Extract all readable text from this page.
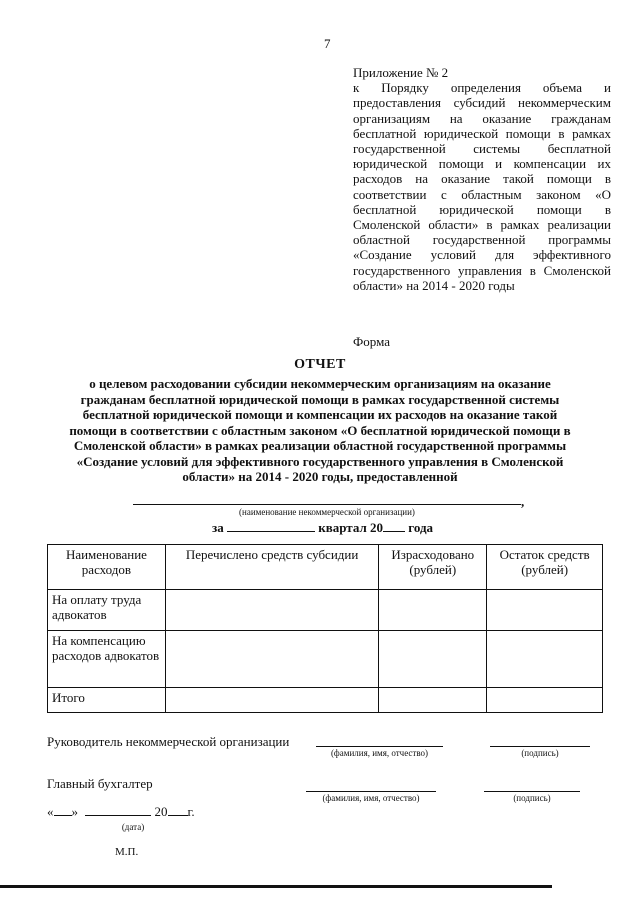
7
Приложение № 2
к Порядку определения объема и предоставления субсидий некоммерческим организациям на оказание гражданам бесплатной юридической помощи в рамках государственной системы бесплатной юридической помощи и компенсации их расходов на оказание такой помощи в соответствии с областным законом «О бесплатной юридической помощи в Смоленской области» в рамках реализации областной государственной программы «Создание условий для эффективного государственного управления в Смоленской области» на 2014 - 2020 годы
Форма
ОТЧЕТ
о целевом расходовании субсидии некоммерческим организациям на оказание гражданам бесплатной юридической помощи в рамках государственной системы бесплатной юридической помощи и компенсации их расходов на оказание такой помощи в соответствии с областным законом «О бесплатной юридической помощи в Смоленской области» в рамках реализации областной государственной программы «Создание условий для эффективного государственного управления в Смоленской области» на 2014 - 2020 годы, предоставленной
,
(наименование некоммерческой организации)
за	квартал 20 года
Наименование расходов	Перечислено средств субсидии	Израсходовано (рублей)	Остаток средств (рублей)
На оплату труда адвокатов			
На компенсацию расходов адвокатов			
Итого			
Руководитель некоммерческой организации
(фамилия, имя, отчество)	(подпись)
Главный бухгалтер
(фамилия, имя, отчество)	(подпись)
« »	20 г.
(дата)
М.П.
